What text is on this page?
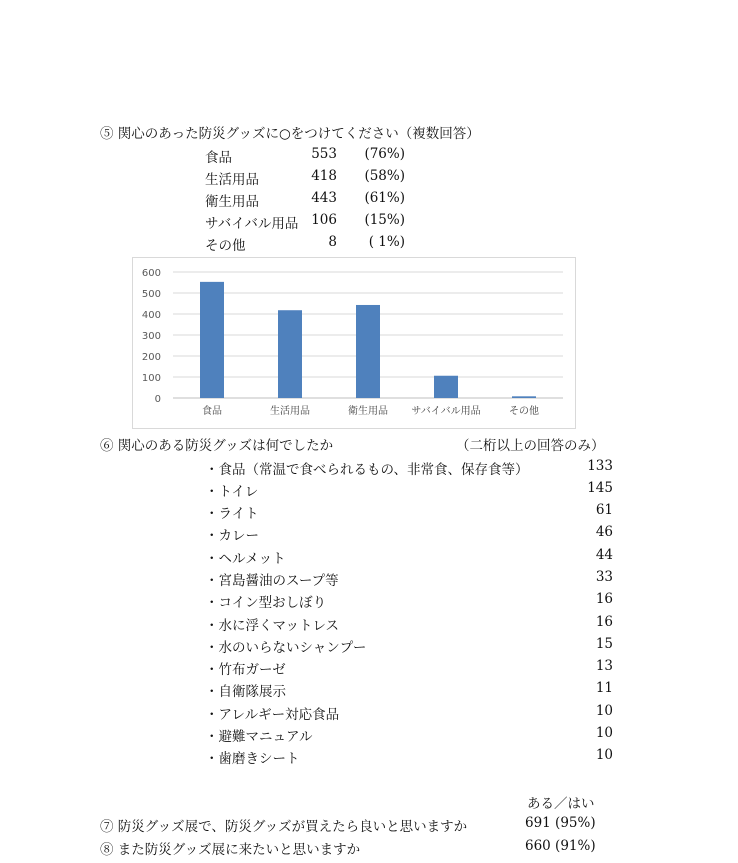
⑤ 関心のあった防災グッズに○をつけてください（複数回答）
食品	553 (76%)
生活用品	418 (58%)
衛生用品	443 (61%)
サバイバル用品 106 (15%)
その他	8 ( 1%)
0
100
200
300
400
500
600
食品	生活用品	衛生用品 サバイバル用品	その他
⑥ 関心のある防災グッズは何でしたか	（二桁以上の回答のみ）
・食品（常温で食べられるもの、非常食、保存食等）	133
・トイレ	145
・ライト	61
・カレー	46
・ヘルメット	44
・宮島醤油のスープ等	33
・コイン型おしぼり	16
・水に浮くマットレス	16
・水のいらないシャンプー	15
・竹布ガーゼ	13
・自衛隊展示	11
・アレルギー対応食品	10
・避難マニュアル	10
・歯磨きシート	10
ある／はい
⑦ 防災グッズ展で、防災グッズが買えたら良いと思いますか	691 (95%)
⑧ また防災グッズ展に来たいと思いますか	660 (91%)
